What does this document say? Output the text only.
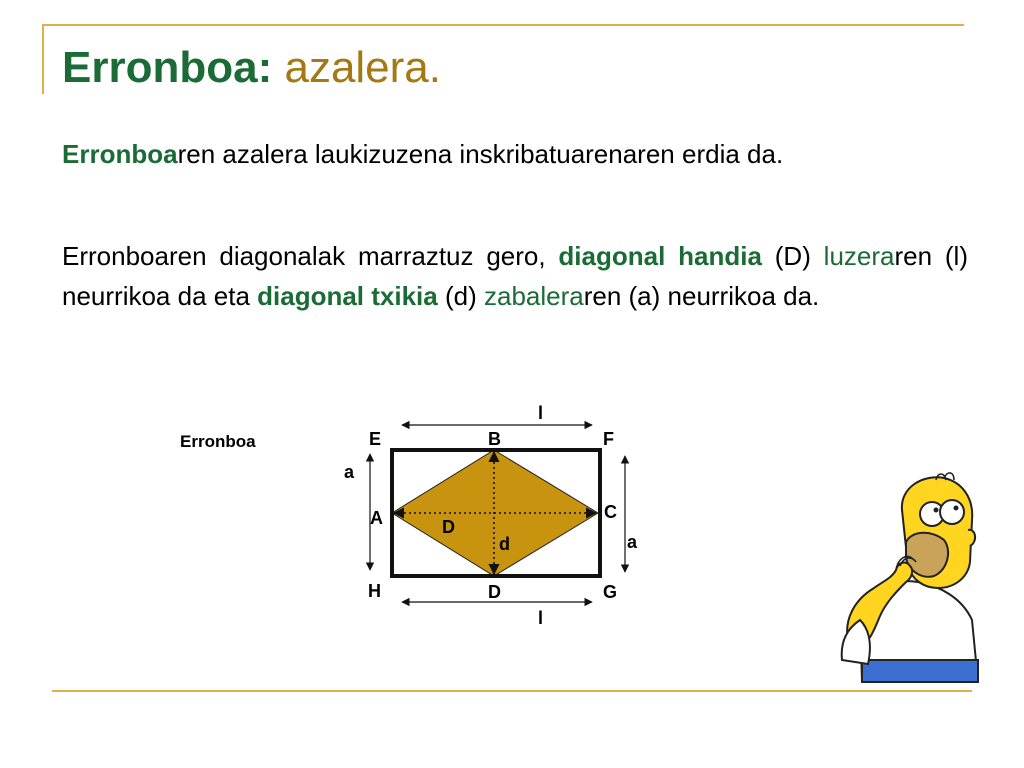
Erronboa: azalera.

Erronboaren azalera laukizuzena inskribatuarenaren erdia da.

Erronboaren diagonalak marraztuz gero, diagonal handia (D) luzeraren (l) neurrikoa da eta diagonal txikia (d) zabaleraren (a) neurrikoa da.

Erronboa
l
l
a
a
E	F
H	G
B
C
A
D
D
d
